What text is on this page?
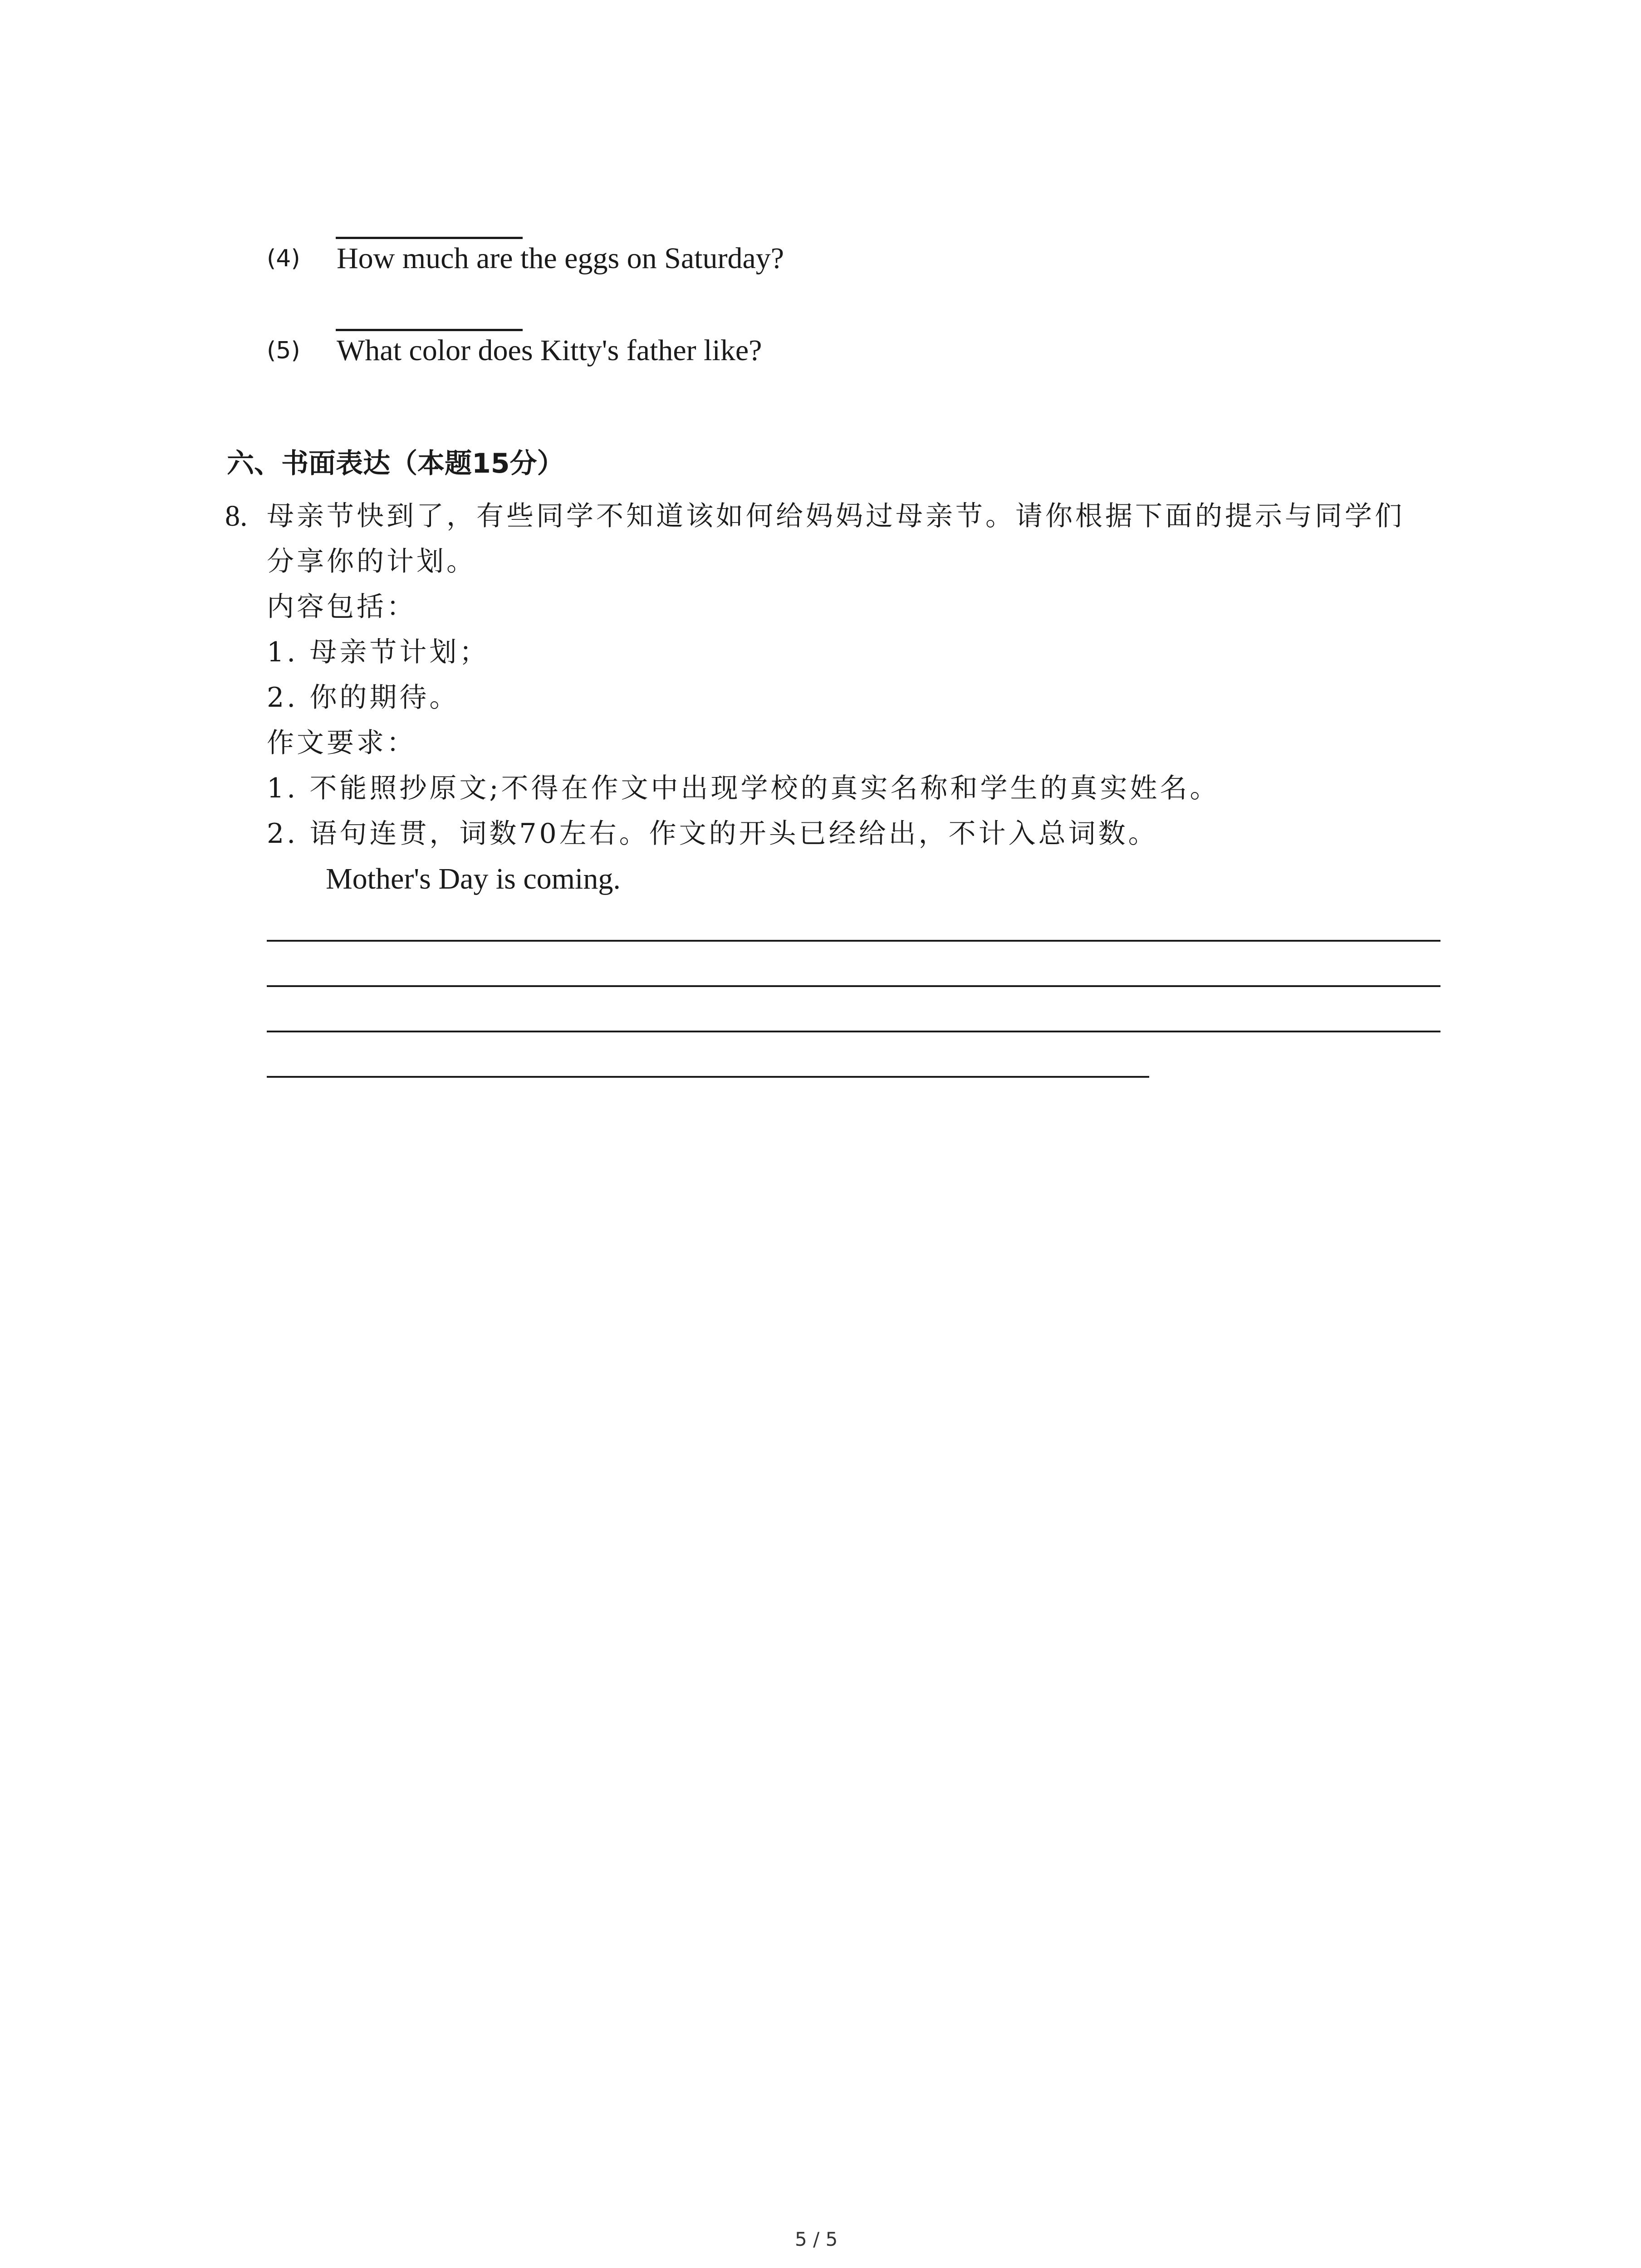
(4) How much are the eggs on Saturday?
(5) What color does Kitty's father like?
六、书面表达（本题15分）
8. 母亲节快到了，有些同学不知道该如何给妈妈过母亲节。请你根据下面的提示与同学们
分享你的计划。
内容包括：
1. 母亲节计划；
2. 你的期待。
作文要求：
1. 不能照抄原文;不得在作文中出现学校的真实名称和学生的真实姓名。
2. 语句连贯，词数70左右。作文的开头已经给出，不计入总词数。
Mother's Day is coming.
5 / 5
